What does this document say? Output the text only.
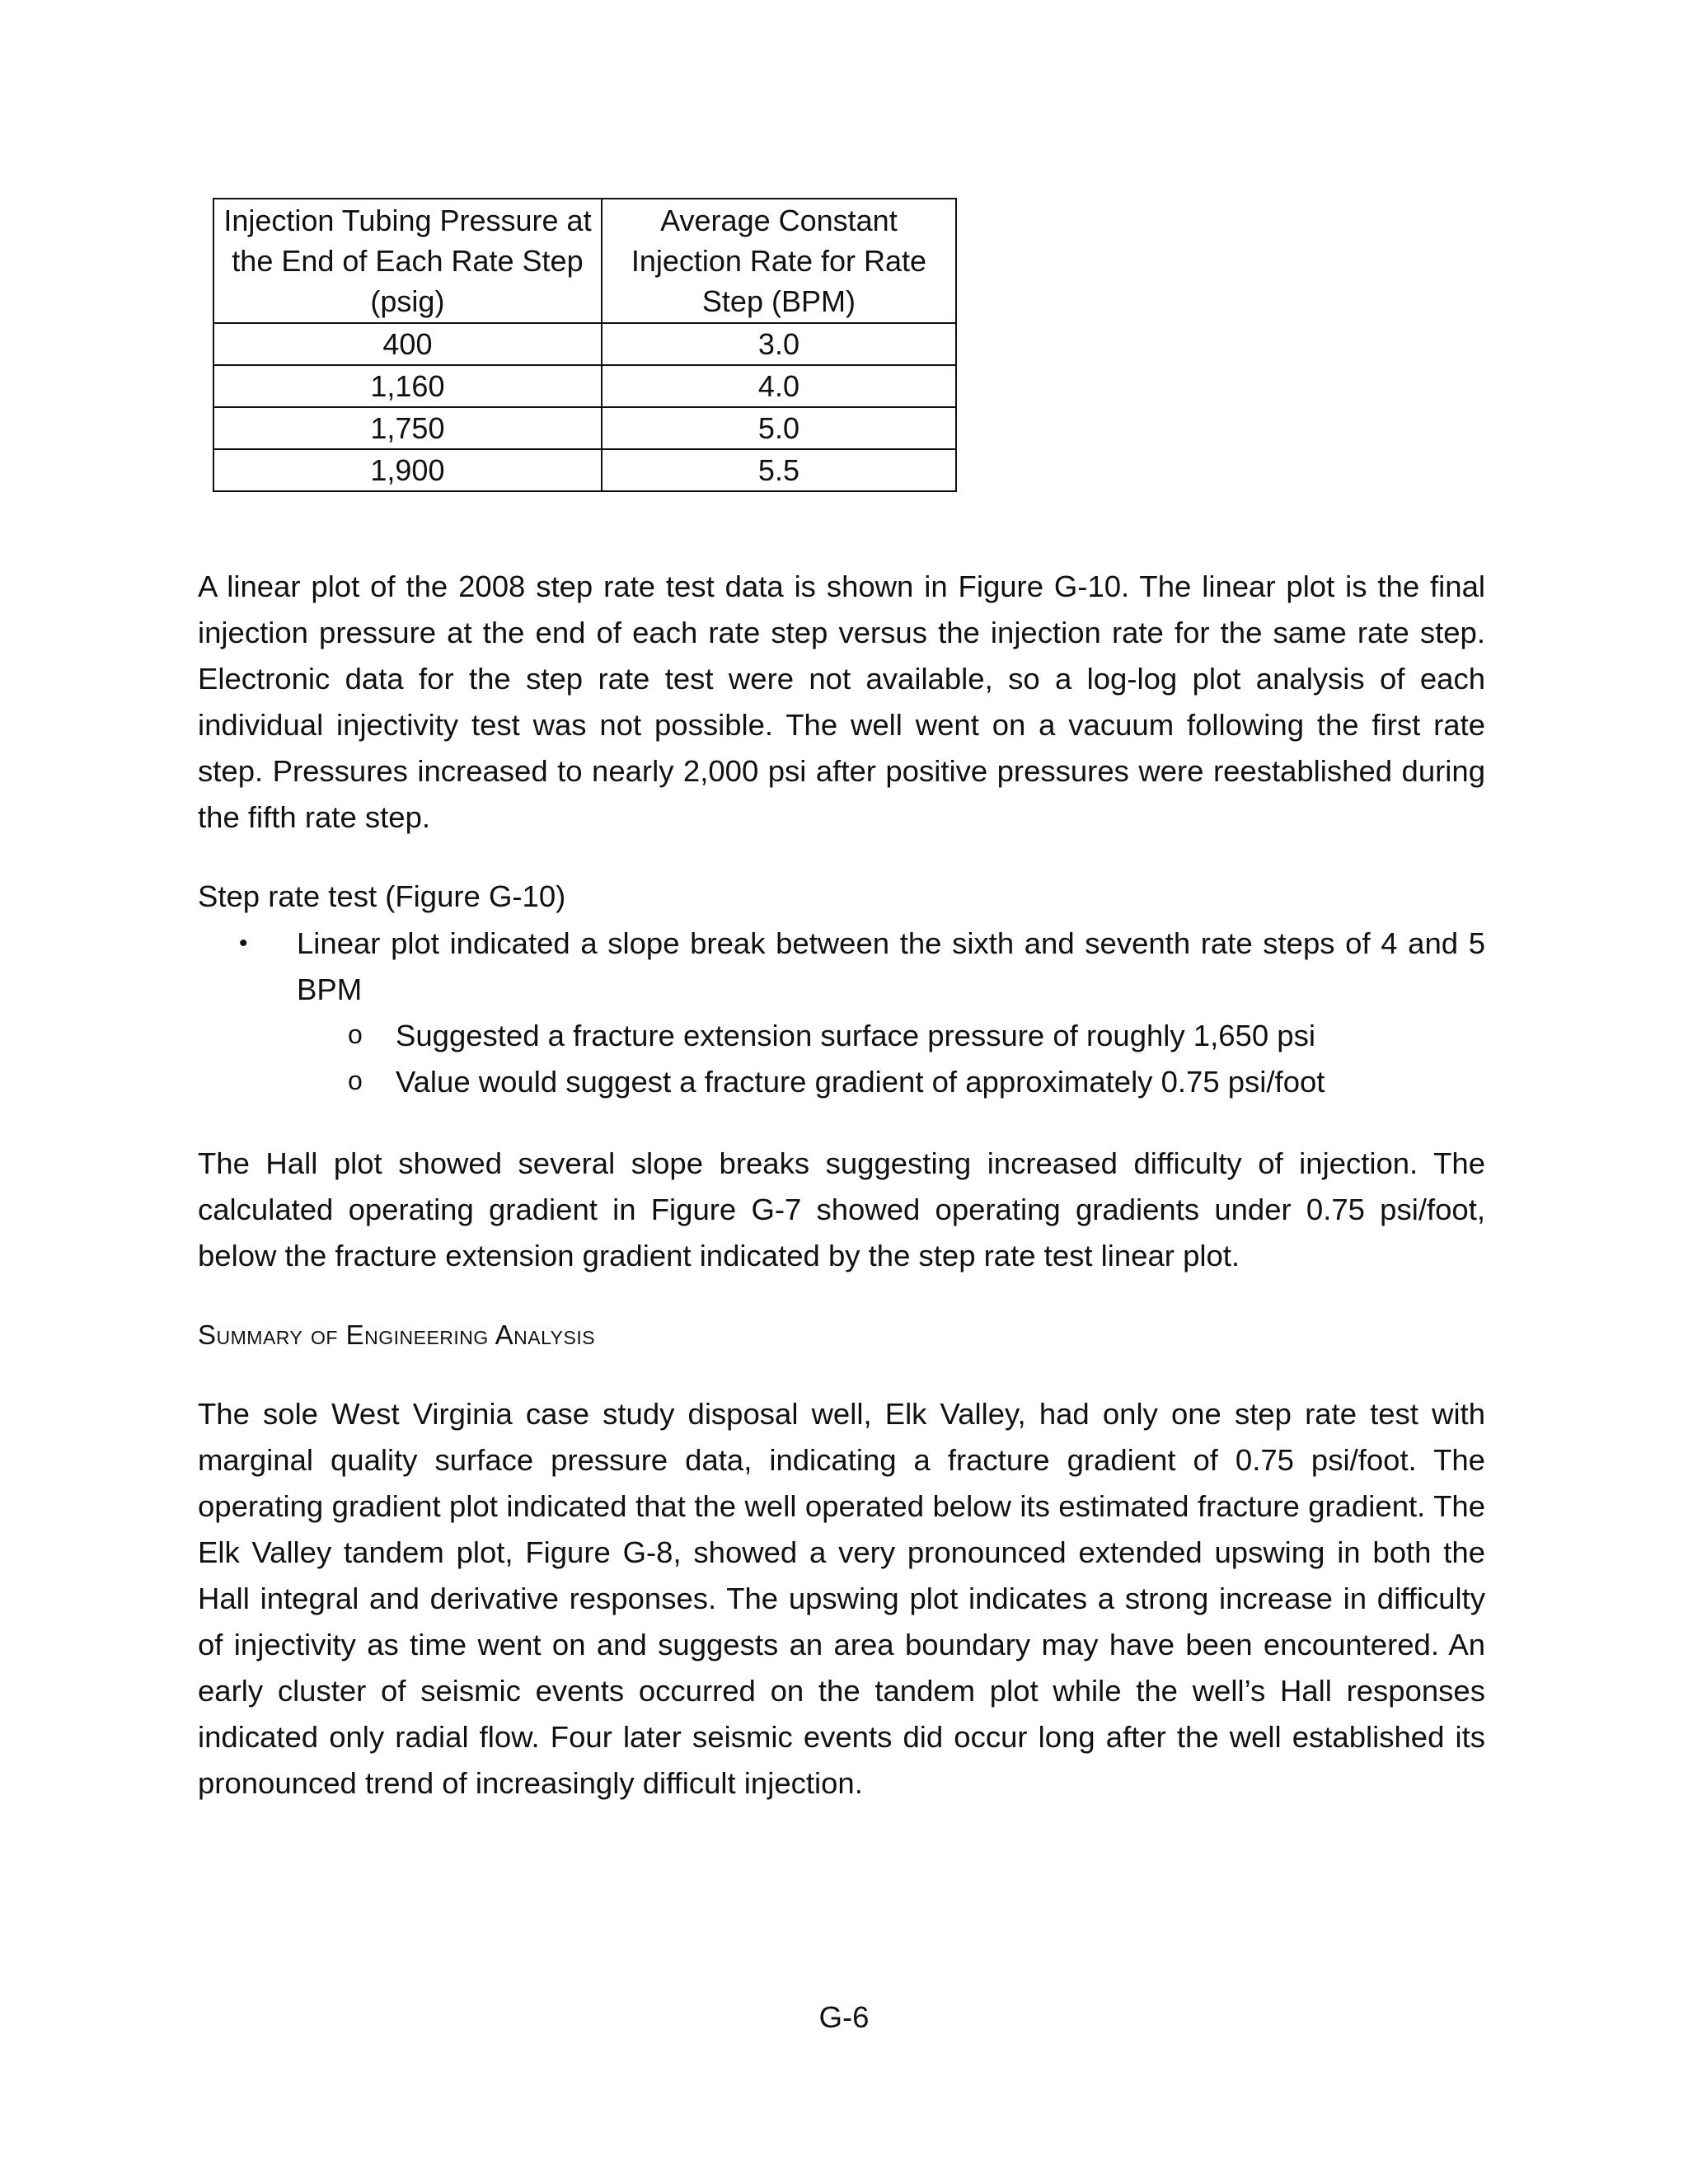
Injection Tubing Pressure at the End of Each Rate Step (psig)	Average Constant Injection Rate for Rate Step (BPM)
400	3.0
1,160	4.0
1,750	5.0
1,900	5.5

A linear plot of the 2008 step rate test data is shown in Figure G-10. The linear plot is the final injection pressure at the end of each rate step versus the injection rate for the same rate step. Electronic data for the step rate test were not available, so a log-log plot analysis of each individual injectivity test was not possible. The well went on a vacuum following the first rate step. Pressures increased to nearly 2,000 psi after positive pressures were reestablished during the fifth rate step.

Step rate test (Figure G-10)

• Linear plot indicated a slope break between the sixth and seventh rate steps of 4 and 5 BPM
o Suggested a fracture extension surface pressure of roughly 1,650 psi
o Value would suggest a fracture gradient of approximately 0.75 psi/foot

The Hall plot showed several slope breaks suggesting increased difficulty of injection. The calculated operating gradient in Figure G-7 showed operating gradients under 0.75 psi/foot, below the fracture extension gradient indicated by the step rate test linear plot.

Summary of Engineering Analysis

The sole West Virginia case study disposal well, Elk Valley, had only one step rate test with marginal quality surface pressure data, indicating a fracture gradient of 0.75 psi/foot. The operating gradient plot indicated that the well operated below its estimated fracture gradient. The Elk Valley tandem plot, Figure G-8, showed a very pronounced extended upswing in both the Hall integral and derivative responses. The upswing plot indicates a strong increase in difficulty of injectivity as time went on and suggests an area boundary may have been encountered. An early cluster of seismic events occurred on the tandem plot while the well’s Hall responses indicated only radial flow. Four later seismic events did occur long after the well established its pronounced trend of increasingly difficult injection.

G-6
